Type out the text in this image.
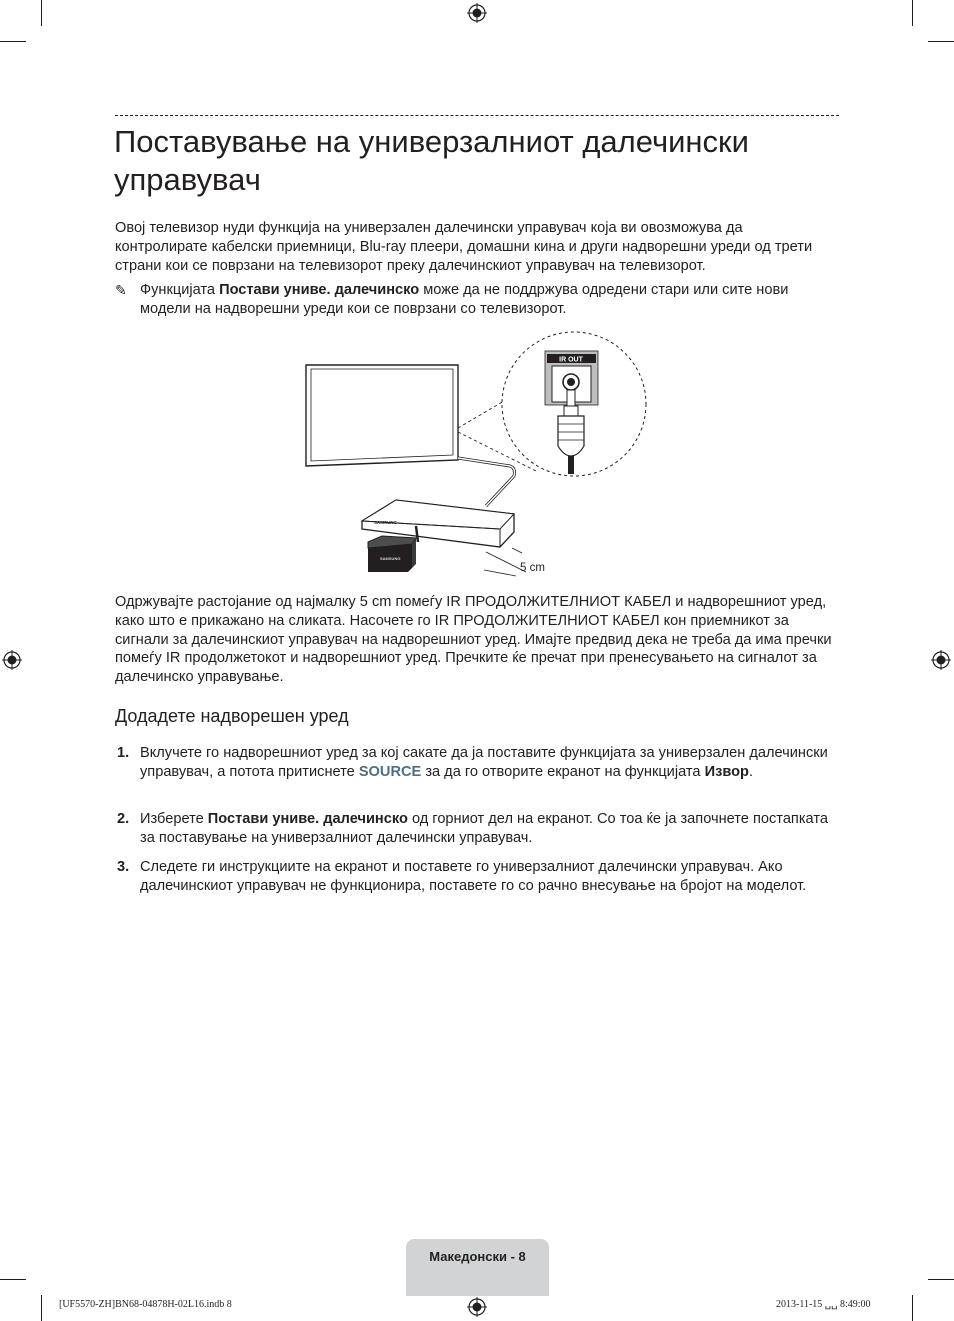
Поставување на универзалниот далечински управувач

Овој телевизор нуди функција на универзален далечински управувач која ви овозможува да контролирате кабелски приемници, Blu-ray плеери, домашни кина и други надворешни уреди од трети страни кои се поврзани на телевизорот преку далечинскиот управувач на телевизорот.

✎ Функцијата Постави униве. далечинско може да не поддржува одредени стари или сите нови модели на надворешни уреди кои се поврзани со телевизорот.

IR OUT
SAMSUNG
SAMSUNG
5 cm

Одржувајте растојание од најмалку 5 cm помеѓу IR ПРОДОЛЖИТЕЛНИОТ КАБЕЛ и надворешниот уред, како што е прикажано на сликата. Насочете го IR ПРОДОЛЖИТЕЛНИОТ КАБЕЛ кон приемникот за сигнали за далечинскиот управувач на надворешниот уред. Имајте предвид дека не треба да има пречки помеѓу IR продолжетокот и надворешниот уред. Пречките ќе пречат при пренесувањето на сигналот за далечинско управување.

Додадете надворешен уред
1. Вклучете го надворешниот уред за кој сакате да ја поставите функцијата за универзален далечински управувач, а потота притиснете SOURCE за да го отворите екранот на функцијата Извор.

2. Изберете Постави униве. далечинско од горниот дел на екранот. Со тоа ќе ја започнете постапката за поставување на универзалниот далечински управувач.

3. Следете ги инструкциите на екранот и поставете го универзалниот далечински управувач. Ако далечинскиот управувач не функционира, поставете го со рачно внесување на бројот на моделот.

Македонски - 8
[UF5570-ZH]BN68-04878H-02L16.indb 8	2013-11-15 ␣␣ 8:49:00
